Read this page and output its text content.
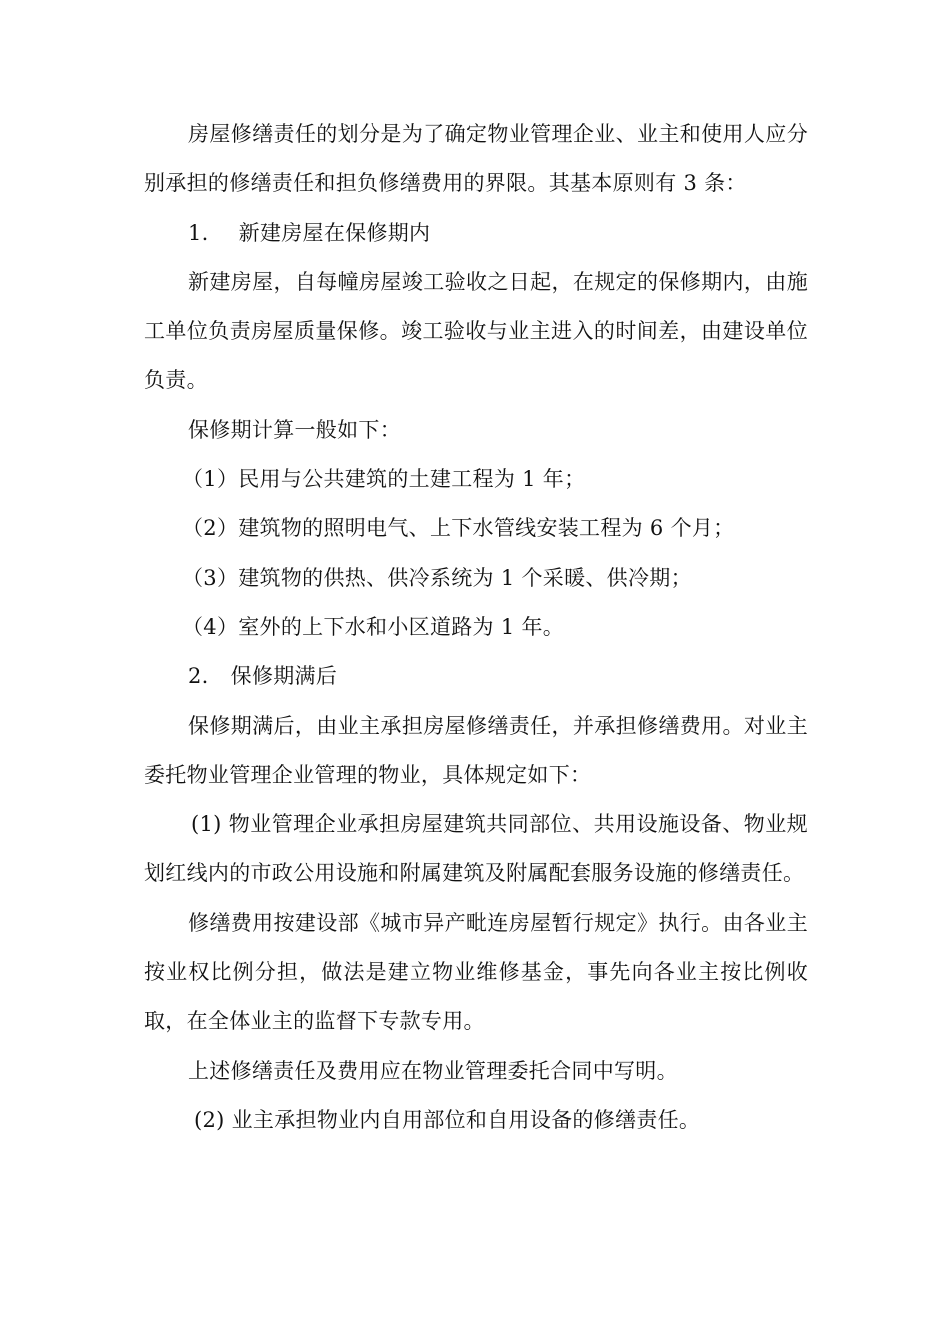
房屋修缮责任的划分是为了确定物业管理企业、业主和使用人应分别承担的修缮责任和担负修缮费用的界限。其基本原则有 3 条：

1. 新建房屋在保修期内

新建房屋，自每幢房屋竣工验收之日起，在规定的保修期内，由施工单位负责房屋质量保修。竣工验收与业主进入的时间差，由建设单位负责。

保修期计算一般如下：

（1）民用与公共建筑的土建工程为 1 年；

（2）建筑物的照明电气、上下水管线安装工程为 6 个月；

（3）建筑物的供热、供冷系统为 1 个采暖、供冷期；

（4）室外的上下水和小区道路为 1 年。

2. 保修期满后

保修期满后，由业主承担房屋修缮责任，并承担修缮费用。对业主委托物业管理企业管理的物业，具体规定如下：

(1) 物业管理企业承担房屋建筑共同部位、共用设施设备、物业规划红线内的市政公用设施和附属建筑及附属配套服务设施的修缮责任。

修缮费用按建设部《城市异产毗连房屋暂行规定》执行。由各业主按业权比例分担，做法是建立物业维修基金，事先向各业主按比例收取，在全体业主的监督下专款专用。

上述修缮责任及费用应在物业管理委托合同中写明。

(2) 业主承担物业内自用部位和自用设备的修缮责任。
